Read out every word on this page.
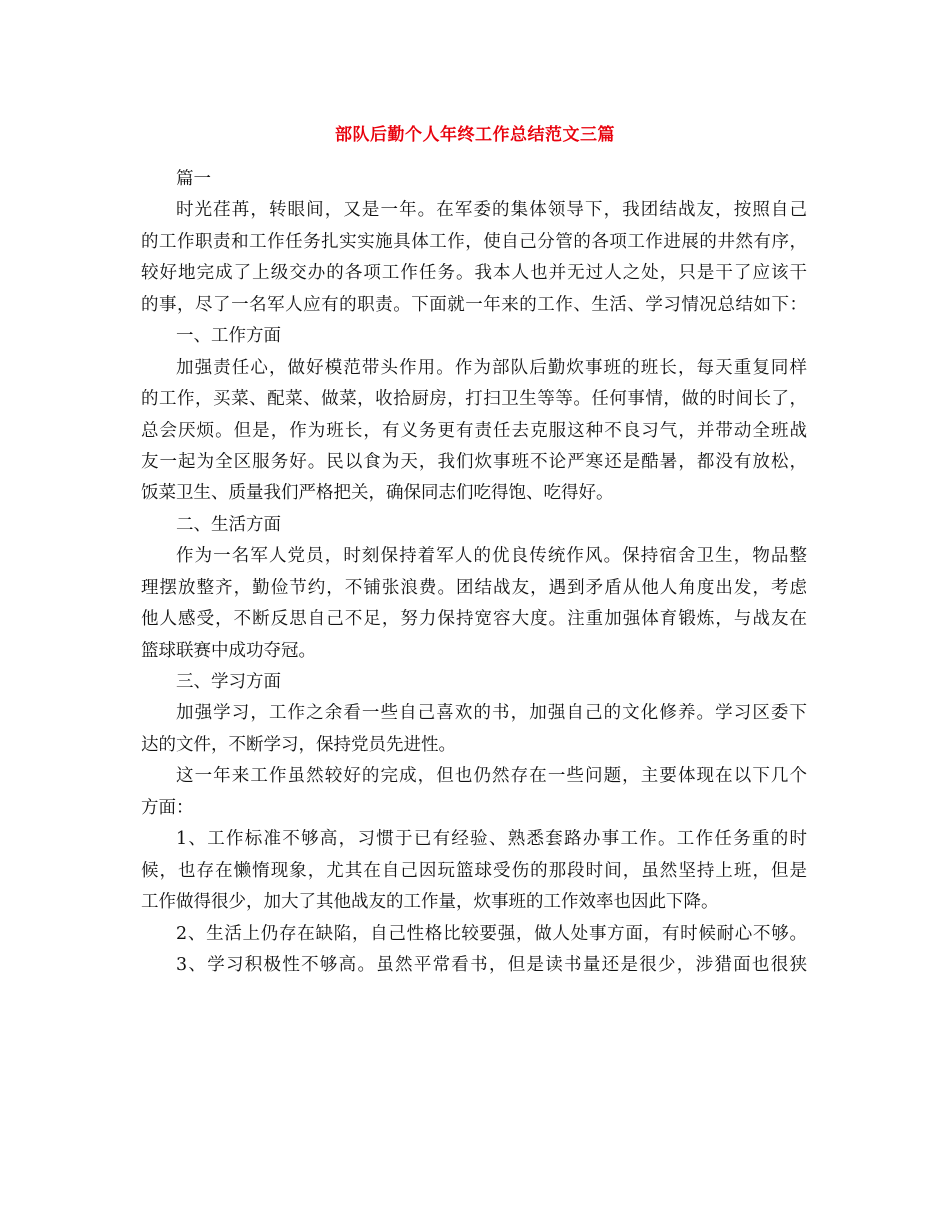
部队后勤个人年终工作总结范文三篇
篇一
时光荏苒，转眼间，又是一年。在军委的集体领导下，我团结战友，按照自己
的工作职责和工作任务扎实实施具体工作，使自己分管的各项工作进展的井然有序，
较好地完成了上级交办的各项工作任务。我本人也并无过人之处，只是干了应该干
的事，尽了一名军人应有的职责。下面就一年来的工作、生活、学习情况总结如下：
一、工作方面
加强责任心，做好模范带头作用。作为部队后勤炊事班的班长，每天重复同样
的工作，买菜、配菜、做菜，收拾厨房，打扫卫生等等。任何事情，做的时间长了，
总会厌烦。但是，作为班长，有义务更有责任去克服这种不良习气，并带动全班战
友一起为全区服务好。民以食为天，我们炊事班不论严寒还是酷暑，都没有放松，
饭菜卫生、质量我们严格把关，确保同志们吃得饱、吃得好。
二、生活方面
作为一名军人党员，时刻保持着军人的优良传统作风。保持宿舍卫生，物品整
理摆放整齐，勤俭节约，不铺张浪费。团结战友，遇到矛盾从他人角度出发，考虑
他人感受，不断反思自己不足，努力保持宽容大度。注重加强体育锻炼，与战友在
篮球联赛中成功夺冠。
三、学习方面
加强学习，工作之余看一些自己喜欢的书，加强自己的文化修养。学习区委下
达的文件，不断学习，保持党员先进性。
这一年来工作虽然较好的完成，但也仍然存在一些问题，主要体现在以下几个
方面：
1、工作标准不够高，习惯于已有经验、熟悉套路办事工作。工作任务重的时
候，也存在懒惰现象，尤其在自己因玩篮球受伤的那段时间，虽然坚持上班，但是
工作做得很少，加大了其他战友的工作量，炊事班的工作效率也因此下降。
2、生活上仍存在缺陷，自己性格比较要强，做人处事方面，有时候耐心不够。
3、学习积极性不够高。虽然平常看书，但是读书量还是很少，涉猎面也很狭
